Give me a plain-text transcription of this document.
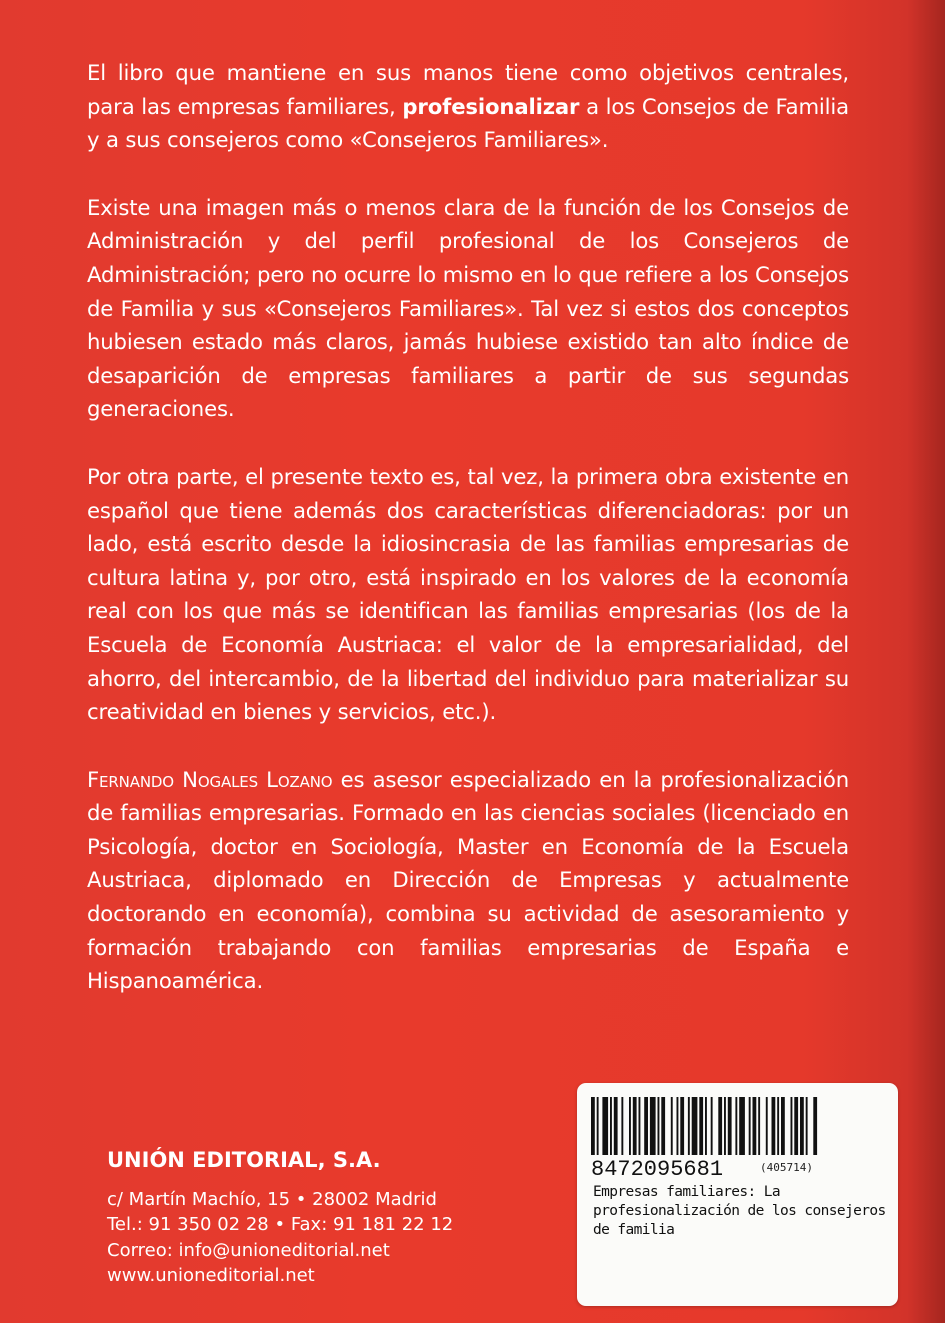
El libro que mantiene en sus manos tiene como objetivos centrales, para las empresas familiares, profesionalizar a los Consejos de Familia y a sus consejeros como «Consejeros Familiares».

Existe una imagen más o menos clara de la función de los Consejos de Administración y del perfil profesional de los Consejeros de Administración; pero no ocurre lo mismo en lo que refiere a los Consejos de Familia y sus «Consejeros Familiares». Tal vez si estos dos conceptos hubiesen estado más claros, jamás hubiese existido tan alto índice de desaparición de empresas familiares a partir de sus segundas generaciones.

Por otra parte, el presente texto es, tal vez, la primera obra existente en español que tiene además dos características diferenciadoras: por un lado, está escrito desde la idiosincrasia de las familias empresarias de cultura latina y, por otro, está inspirado en los valores de la economía real con los que más se identifican las familias empresarias (los de la Escuela de Economía Austriaca: el valor de la empresarialidad, del ahorro, del intercambio, de la libertad del individuo para materializar su creatividad en bienes y servicios, etc.).

Fernando Nogales Lozano es asesor especializado en la profesionalización de familias empresarias. Formado en las ciencias sociales (licenciado en Psicología, doctor en Sociología, Master en Economía de la Escuela Austriaca, diplomado en Dirección de Empresas y actualmente doctorando en economía), combina su actividad de asesoramiento y formación trabajando con familias empresarias de España e Hispanoamérica.

UNIÓN EDITORIAL, S.A.
c/ Martín Machío, 15 • 28002 Madrid
Tel.: 91 350 02 28 • Fax: 91 181 22 12
Correo: info@unioneditorial.net
www.unioneditorial.net
8472095681	(405714)
Empresas familiares: La profesionalización de los consejeros de familia
